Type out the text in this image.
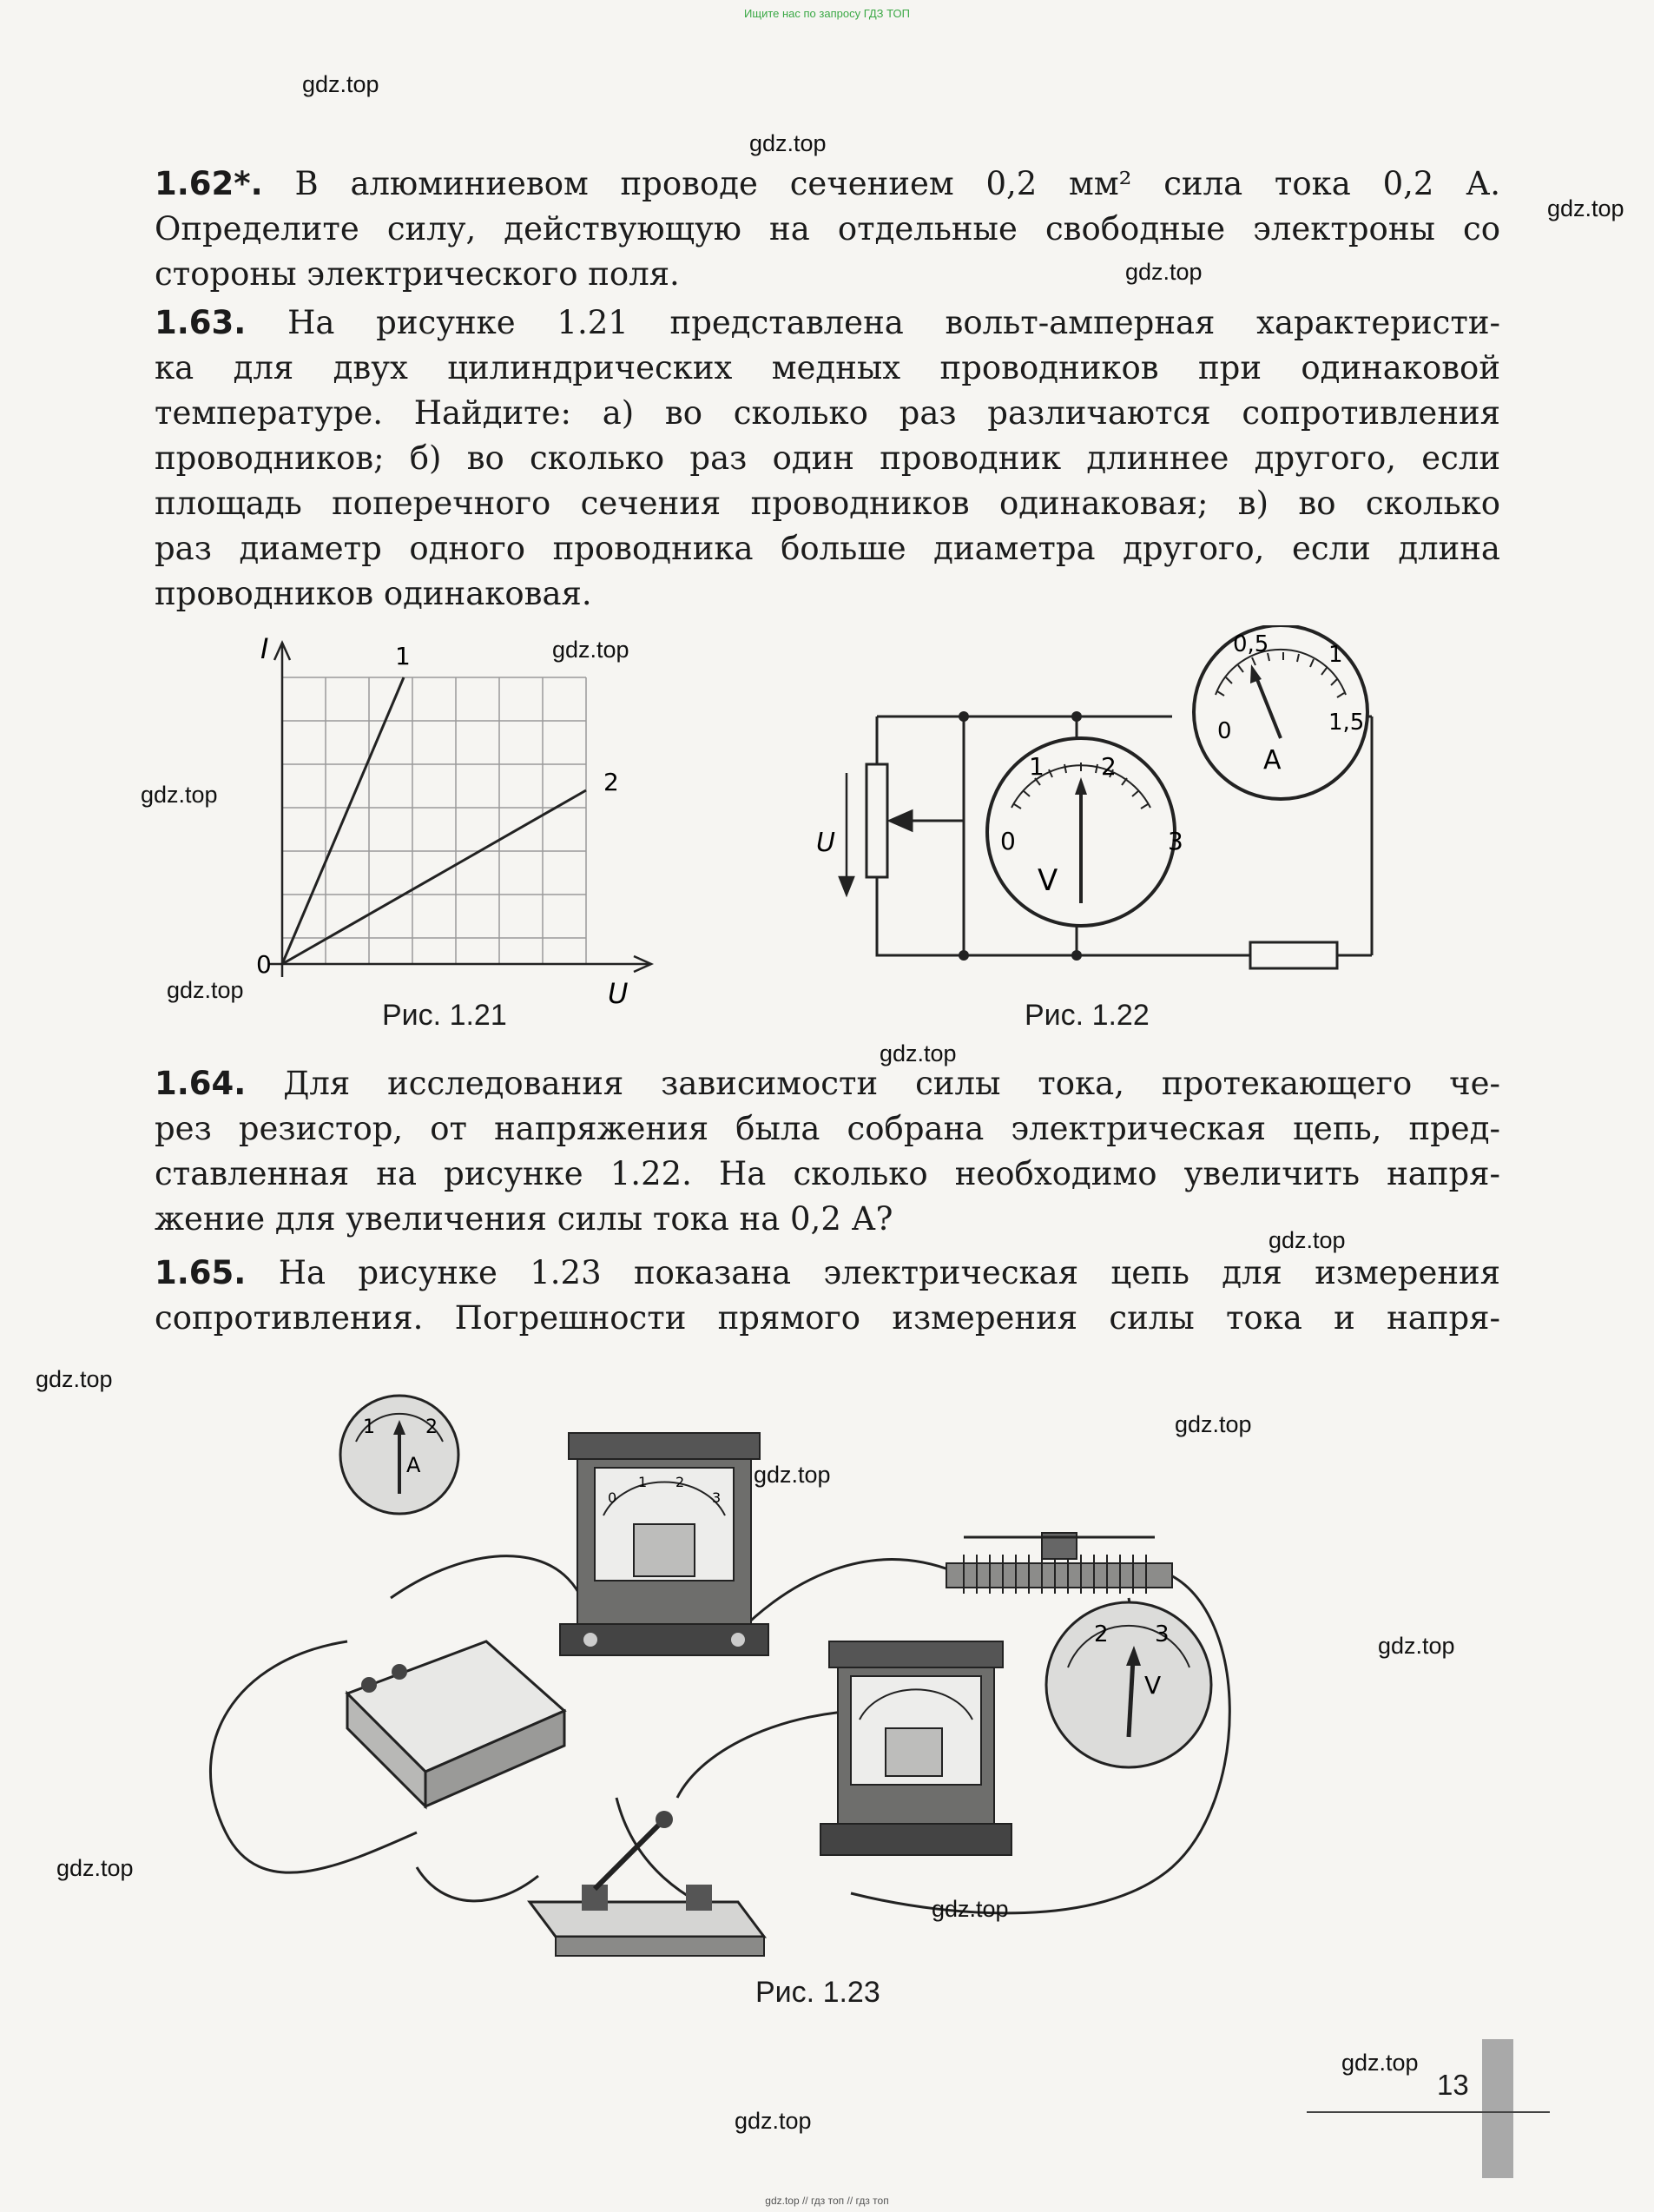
Ищите нас по запросу ГДЗ ТОП
gdz.top // гдз топ // гдз топ
1.62*. В алюминиевом проводе сечением 0,2 мм² сила тока 0,2 А.
Определите силу, действующую на отдельные свободные электроны со
стороны электрического поля.
1.63. На рисунке 1.21 представлена вольт-амперная характеристи-
ка для двух цилиндрических медных проводников при одинаковой
температуре. Найдите: а) во сколько раз различаются сопротивления
проводников; б) во сколько раз один проводник длиннее другого, если
площадь поперечного сечения проводников одинаковая; в) во сколько
раз диаметр одного проводника больше диаметра другого, если длина
проводников одинаковая.
I
U
0
1
2
Рис. 1.21
U	0
1 2
3
V
0
0,5	1
1,5
А
Рис. 1.22
1.64. Для исследования зависимости силы тока, протекающего че-
рез резистор, от напряжения была собрана электрическая цепь, пред-
ставленная на рисунке 1.22. На сколько необходимо увеличить напря-
жение для увеличения силы тока на 0,2 А?
1.65. На рисунке 1.23 показана электрическая цепь для измерения
сопротивления. Погрешности прямого измерения силы тока и напря-
1	2
А
0
1 2
3
2 3
V
Рис. 1.23
13
gdz.top
gdz.top
gdz.top
gdz.top
gdz.top
gdz.top
gdz.top
gdz.top
gdz.top
gdz.top
gdz.top
gdz.top
gdz.top
gdz.top
gdz.top
gdz.top
gdz.top
